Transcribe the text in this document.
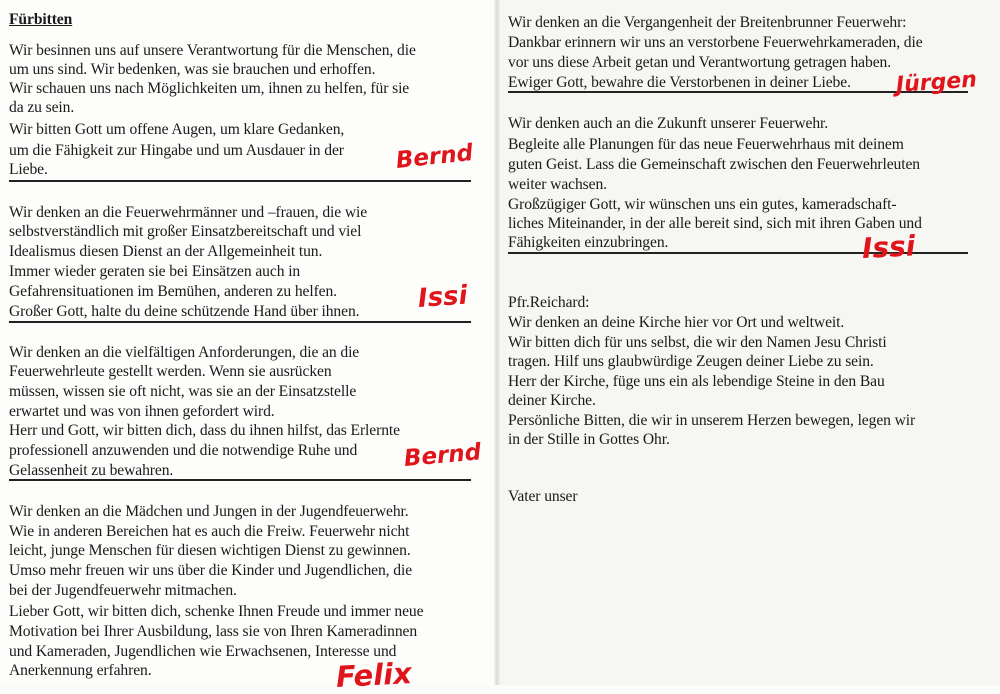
Fürbitten
Wir besinnen uns auf unsere Verantwortung für die Menschen, die
um uns sind. Wir bedenken, was sie brauchen und erhoffen.
Wir schauen uns nach Möglichkeiten um, ihnen zu helfen, für sie
da zu sein.
Wir bitten Gott um offene Augen, um klare Gedanken,
um die Fähigkeit zur Hingabe und um Ausdauer in der
Liebe.
Wir denken an die Feuerwehrmänner und –frauen, die wie
selbstverständlich mit großer Einsatzbereitschaft und viel
Idealismus diesen Dienst an der Allgemeinheit tun.
Immer wieder geraten sie bei Einsätzen auch in
Gefahrensituationen im Bemühen, anderen zu helfen.
Großer Gott, halte du deine schützende Hand über ihnen.
Wir denken an die vielfältigen Anforderungen, die an die
Feuerwehrleute gestellt werden. Wenn sie ausrücken
müssen, wissen sie oft nicht, was sie an der Einsatzstelle
erwartet und was von ihnen gefordert wird.
Herr und Gott, wir bitten dich, dass du ihnen hilfst, das Erlernte
professionell anzuwenden und die notwendige Ruhe und
Gelassenheit zu bewahren.
Wir denken an die Mädchen und Jungen in der Jugendfeuerwehr.
Wie in anderen Bereichen hat es auch die Freiw. Feuerwehr nicht
leicht, junge Menschen für diesen wichtigen Dienst zu gewinnen.
Umso mehr freuen wir uns über die Kinder und Jugendlichen, die
bei der Jugendfeuerwehr mitmachen.
Lieber Gott, wir bitten dich, schenke Ihnen Freude und immer neue
Motivation bei Ihrer Ausbildung, lass sie von Ihren Kameradinnen
und Kameraden, Jugendlichen wie Erwachsenen, Interesse und
Anerkennung erfahren.
Wir denken an die Vergangenheit der Breitenbrunner Feuerwehr:
Dankbar erinnern wir uns an verstorbene Feuerwehrkameraden, die
vor uns diese Arbeit getan und Verantwortung getragen haben.
Ewiger Gott, bewahre die Verstorbenen in deiner Liebe.
Wir denken auch an die Zukunft unserer Feuerwehr.
Begleite alle Planungen für das neue Feuerwehrhaus mit deinem
guten Geist. Lass die Gemeinschaft zwischen den Feuerwehrleuten
weiter wachsen.
Großzügiger Gott, wir wünschen uns ein gutes, kameradschaft-
liches Miteinander, in der alle bereit sind, sich mit ihren Gaben und
Fähigkeiten einzubringen.
Pfr.Reichard:
Wir denken an deine Kirche hier vor Ort und weltweit.
Wir bitten dich für uns selbst, die wir den Namen Jesu Christi
tragen. Hilf uns glaubwürdige Zeugen deiner Liebe zu sein.
Herr der Kirche, füge uns ein als lebendige Steine in den Bau
deiner Kirche.
Persönliche Bitten, die wir in unserem Herzen bewegen, legen wir
in der Stille in Gottes Ohr.
Vater unser
Bernd
Issi
Bernd
Felix
Jürgen
Issi
